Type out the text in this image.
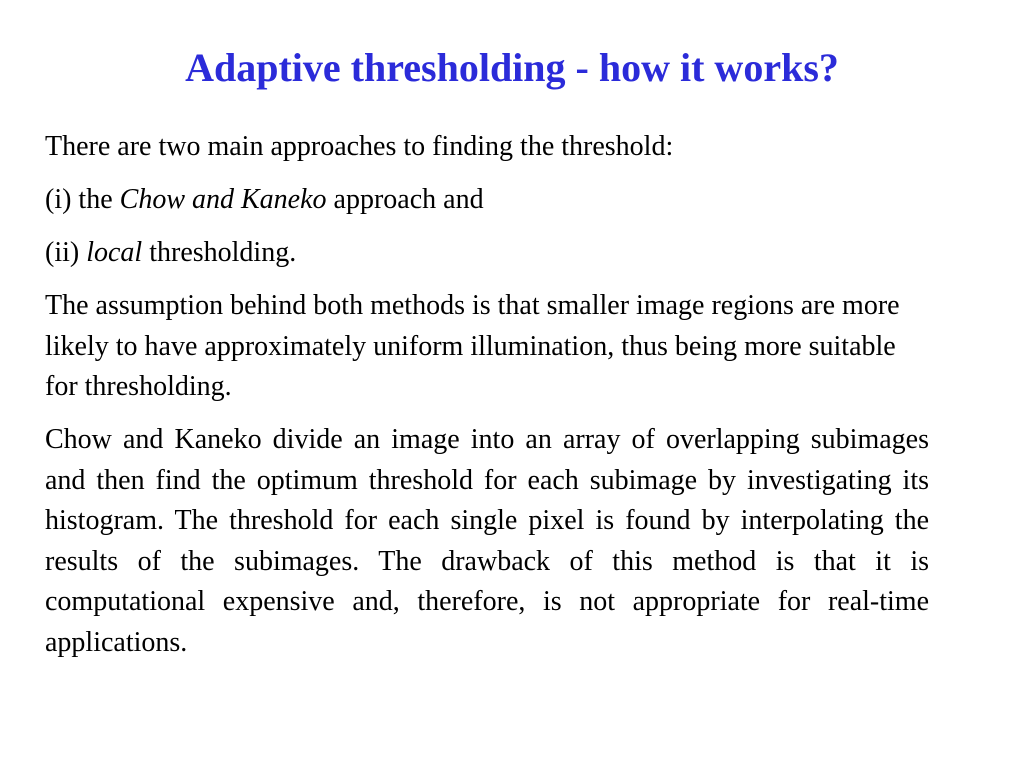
Adaptive thresholding - how it works?

There are two main approaches to finding the threshold:

(i) the Chow and Kaneko approach and

(ii) local thresholding.

The assumption behind both methods is that smaller image regions are more likely to have approximately uniform illumination, thus being more suitable for thresholding.

Chow and Kaneko divide an image into an array of overlapping subimages and then find the optimum threshold for each subimage by investigating its histogram. The threshold for each single pixel is found by interpolating the results of the subimages. The drawback of this method is that it is computational expensive and, therefore, is not appropriate for real-time applications.
